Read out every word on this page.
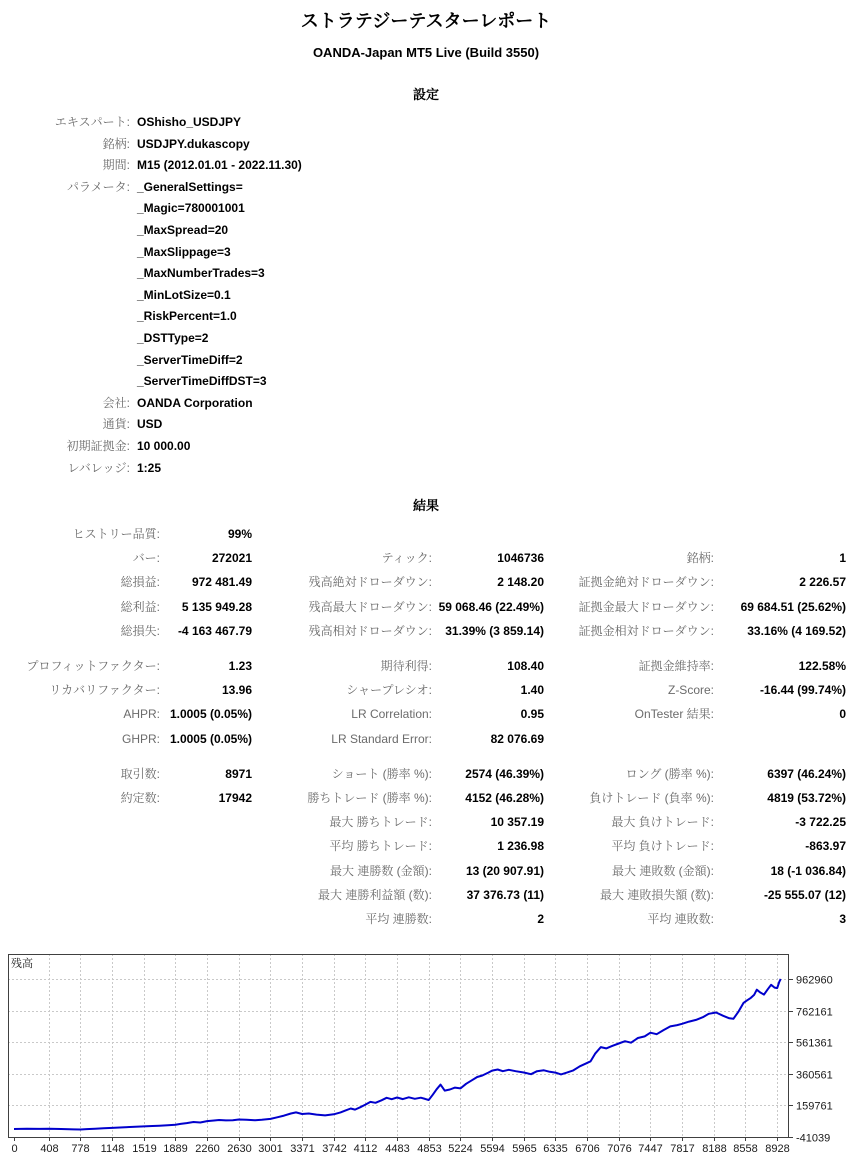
ストラテジーテスターレポート
OANDA-Japan MT5 Live (Build 3550)
設定
エキスパート: OShisho_USDJPY
銘柄: USDJPY.dukascopy
期間: M15 (2012.01.01 - 2022.11.30)
パラメータ: _GeneralSettings=
_Magic=780001001
_MaxSpread=20
_MaxSlippage=3
_MaxNumberTrades=3
_MinLotSize=0.1
_RiskPercent=1.0
_DSTType=2
_ServerTimeDiff=2
_ServerTimeDiffDST=3
会社: OANDA Corporation
通貨: USD
初期証拠金: 10 000.00
レバレッジ: 1:25
結果
ヒストリー品質:	99%
バー:	272021	ティック:	1046736	銘柄:	1
総損益:	972 481.49	残高絶対ドローダウン:	2 148.20	証拠金絶対ドローダウン:	2 226.57
総利益:	5 135 949.28	残高最大ドローダウン: 59 068.46 (22.49%)	証拠金最大ドローダウン:	69 684.51 (25.62%)
総損失:	-4 163 467.79	残高相対ドローダウン:	31.39% (3 859.14)	証拠金相対ドローダウン:	33.16% (4 169.52)
プロフィットファクター:	1.23	期待利得:	108.40	証拠金維持率:	122.58%
リカバリファクター:	13.96	シャープレシオ:	1.40	Z-Score:	-16.44 (99.74%)
AHPR: 1.0005 (0.05%)	LR Correlation:	0.95	OnTester 結果:	0
GHPR: 1.0005 (0.05%)	LR Standard Error:	82 076.69
取引数:	8971	ショート (勝率 %):	2574 (46.39%)	ロング (勝率 %):	6397 (46.24%)
約定数:	17942	勝ちトレード (勝率 %):	4152 (46.28%)	負けトレード (負率 %):	4819 (53.72%)
最大 勝ちトレード:	10 357.19	最大 負けトレード:	-3 722.25
平均 勝ちトレード:	1 236.98	平均 負けトレード:	-863.97
最大 連勝数 (金額):	13 (20 907.91)	最大 連敗数 (金額):	18 (-1 036.84)
最大 連勝利益額 (数):	37 376.73 (11)	最大 連敗損失額 (数):	-25 555.07 (12)
平均 連勝数:	2	平均 連敗数:	3
0 408 778 1148 1519 1889 2260 2630 3001 3371 3742 4112 4483 4853 5224 5594 5965 6335 6706 7076 7447 7817 8188 8558 8928
962960
762161
561361
360561
159761
-41039
残高
